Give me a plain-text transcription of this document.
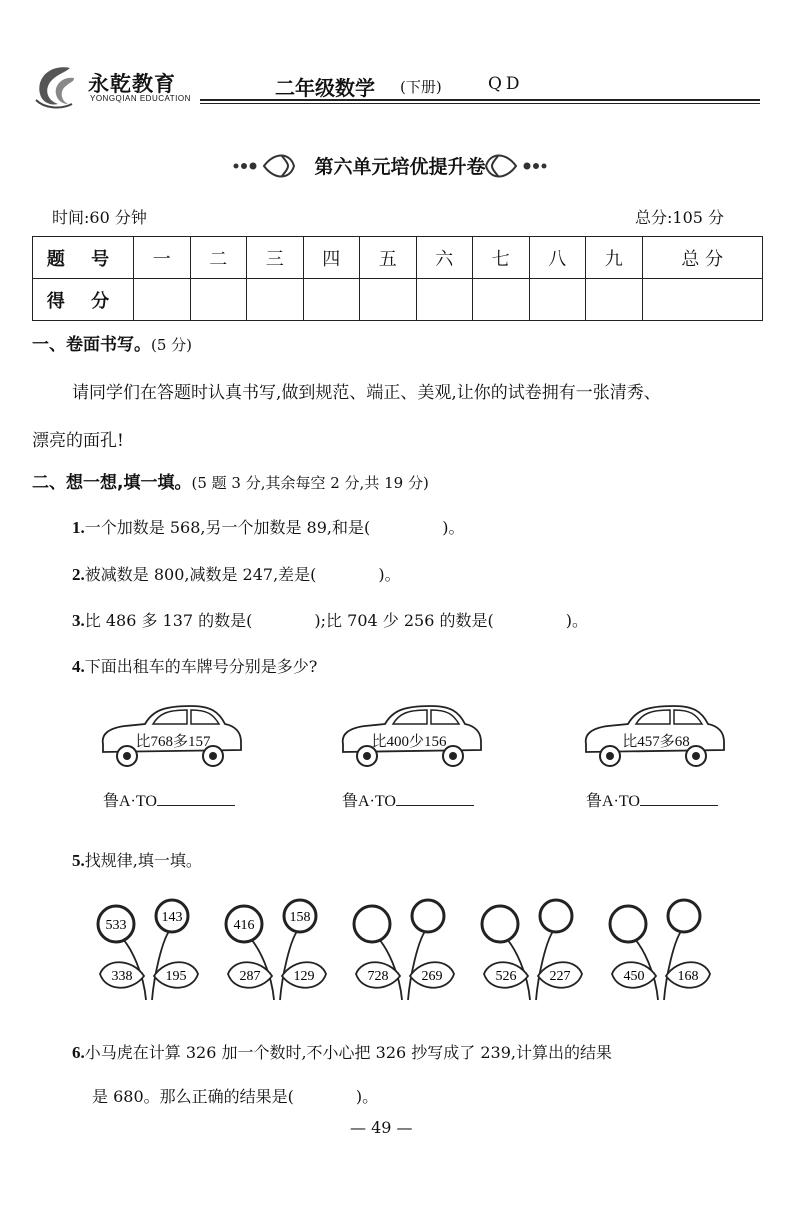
永乾教育
YONGQIAN EDUCATION	二年级数学 (下册)	QD
第六单元培优提升卷
时间:60 分钟	总分:105 分
题 号	一	二	三	四	五	六	七	八	九	总 分
得 分										
一、卷面书写。(5 分)
请同学们在答题时认真书写,做到规范、端正、美观,让你的试卷拥有一张清秀、
漂亮的面孔!
二、想一想,填一填。(5 题 3 分,其余每空 2 分,共 19 分)
1.一个加数是 568,另一个加数是 89,和是(	)。
2.被减数是 800,减数是 247,差是(	)。
3.比 486 多 137 的数是(	);比 704 少 256 的数是(	)。
4.下面出租车的车牌号分别是多少?
比768多157	比400少156	比457多68
鲁A·TO	鲁A·TO	鲁A·TO
5.找规律,填一填。
533
143
338 195
416
158
287 129	728 269	526 227	450 168
6.小马虎在计算 326 加一个数时,不小心把 326 抄写成了 239,计算出的结果
是 680。那么正确的结果是(	)。
— 49 —
